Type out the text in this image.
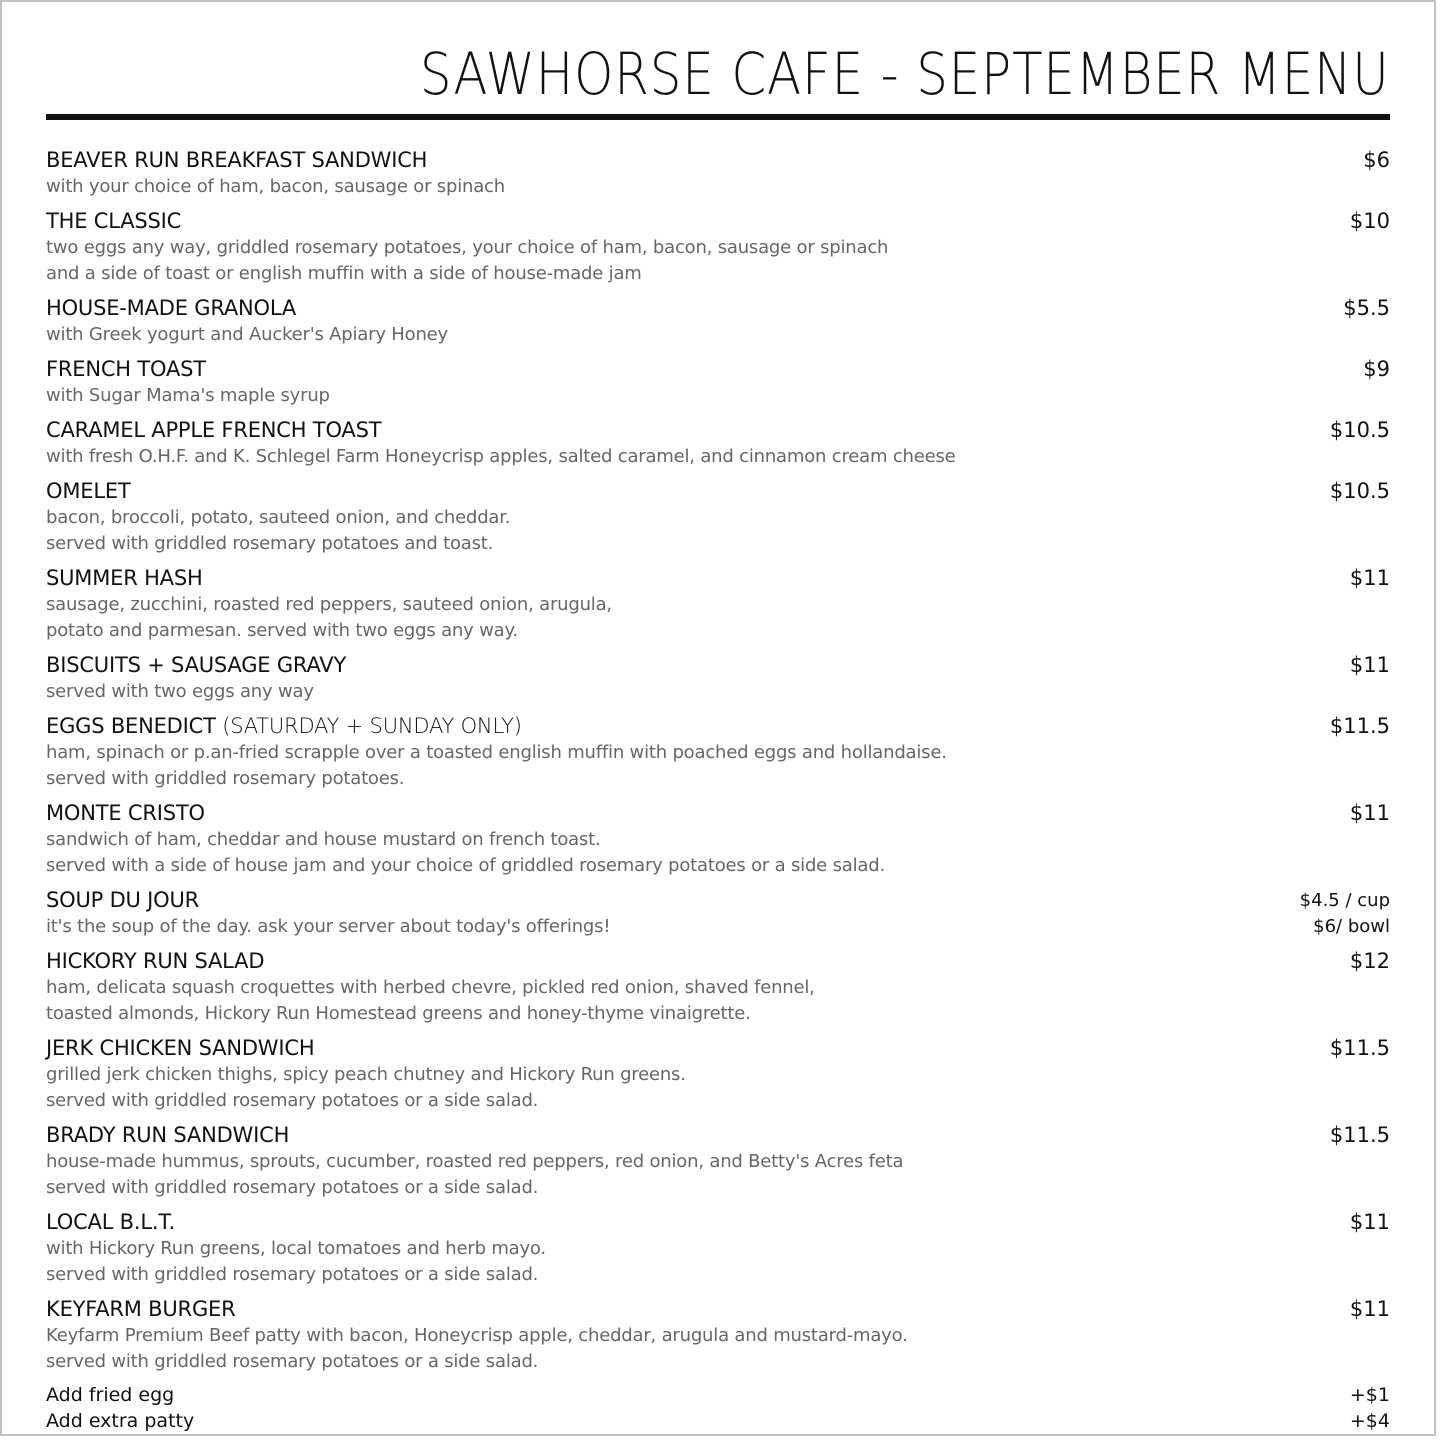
SAWHORSE CAFE - SEPTEMBER MENU
BEAVER RUN BREAKFAST SANDWICH	$6
with your choice of ham, bacon, sausage or spinach
THE CLASSIC	$10
two eggs any way, griddled rosemary potatoes, your choice of ham, bacon, sausage or spinach
and a side of toast or english muffin with a side of house-made jam
HOUSE-MADE GRANOLA	$5.5
with Greek yogurt and Aucker's Apiary Honey
FRENCH TOAST	$9
with Sugar Mama's maple syrup
CARAMEL APPLE FRENCH TOAST	$10.5
with fresh O.H.F. and K. Schlegel Farm Honeycrisp apples, salted caramel, and cinnamon cream cheese
OMELET	$10.5
bacon, broccoli, potato, sauteed onion, and cheddar.
served with griddled rosemary potatoes and toast.
SUMMER HASH	$11
sausage, zucchini, roasted red peppers, sauteed onion, arugula,
potato and parmesan. served with two eggs any way.
BISCUITS + SAUSAGE GRAVY	$11
served with two eggs any way
EGGS BENEDICT (SATURDAY + SUNDAY ONLY)	$11.5
ham, spinach or p.an-fried scrapple over a toasted english muffin with poached eggs and hollandaise.
served with griddled rosemary potatoes.
MONTE CRISTO	$11
sandwich of ham, cheddar and house mustard on french toast.
served with a side of house jam and your choice of griddled rosemary potatoes or a side salad.
SOUP DU JOUR	$4.5 / cup
$6/ bowl
it's the soup of the day. ask your server about today's offerings!
HICKORY RUN SALAD	$12
ham, delicata squash croquettes with herbed chevre, pickled red onion, shaved fennel,
toasted almonds, Hickory Run Homestead greens and honey-thyme vinaigrette.
JERK CHICKEN SANDWICH	$11.5
grilled jerk chicken thighs, spicy peach chutney and Hickory Run greens.
served with griddled rosemary potatoes or a side salad.
BRADY RUN SANDWICH	$11.5
house-made hummus, sprouts, cucumber, roasted red peppers, red onion, and Betty's Acres feta
served with griddled rosemary potatoes or a side salad.
LOCAL B.L.T.	$11
with Hickory Run greens, local tomatoes and herb mayo.
served with griddled rosemary potatoes or a side salad.
KEYFARM BURGER	$11
Keyfarm Premium Beef patty with bacon, Honeycrisp apple, cheddar, arugula and mustard-mayo.
served with griddled rosemary potatoes or a side salad.
Add fried egg	+$1
Add extra patty	+$4
